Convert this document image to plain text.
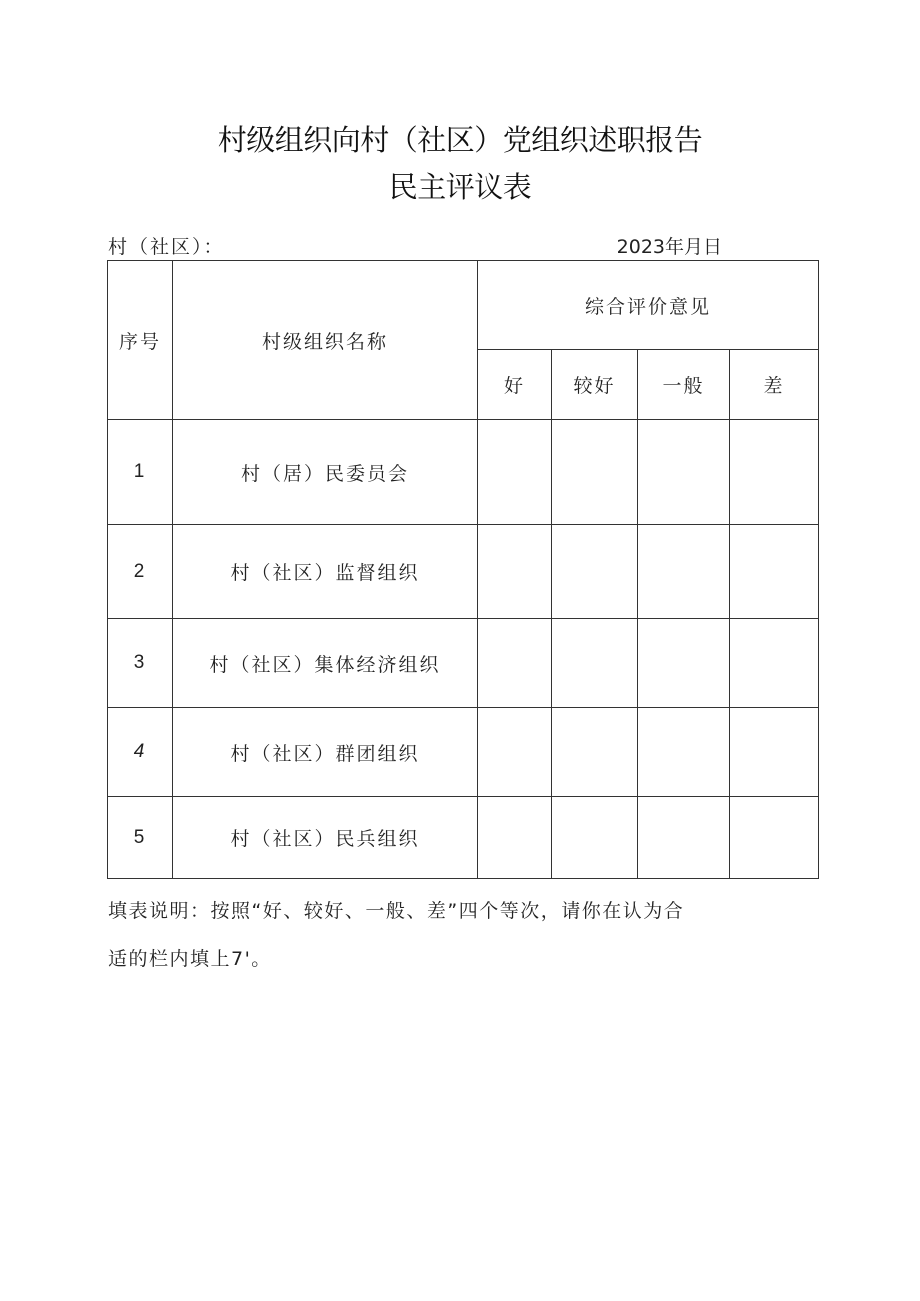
村级组织向村（社区）党组织述职报告
民主评议表
村（社区）：	2023年月日
序号	村级组织名称	综合评价意见			
		好	较好	一般	差
1	村（居）民委员会				
2	村（社区）监督组织				
3	村（社区）集体经济组织				
4	村（社区）群团组织				
5	村（社区）民兵组织				
填表说明：按照“好、较好、一般、差”四个等次，请你在认为合
适的栏内填上7'。
